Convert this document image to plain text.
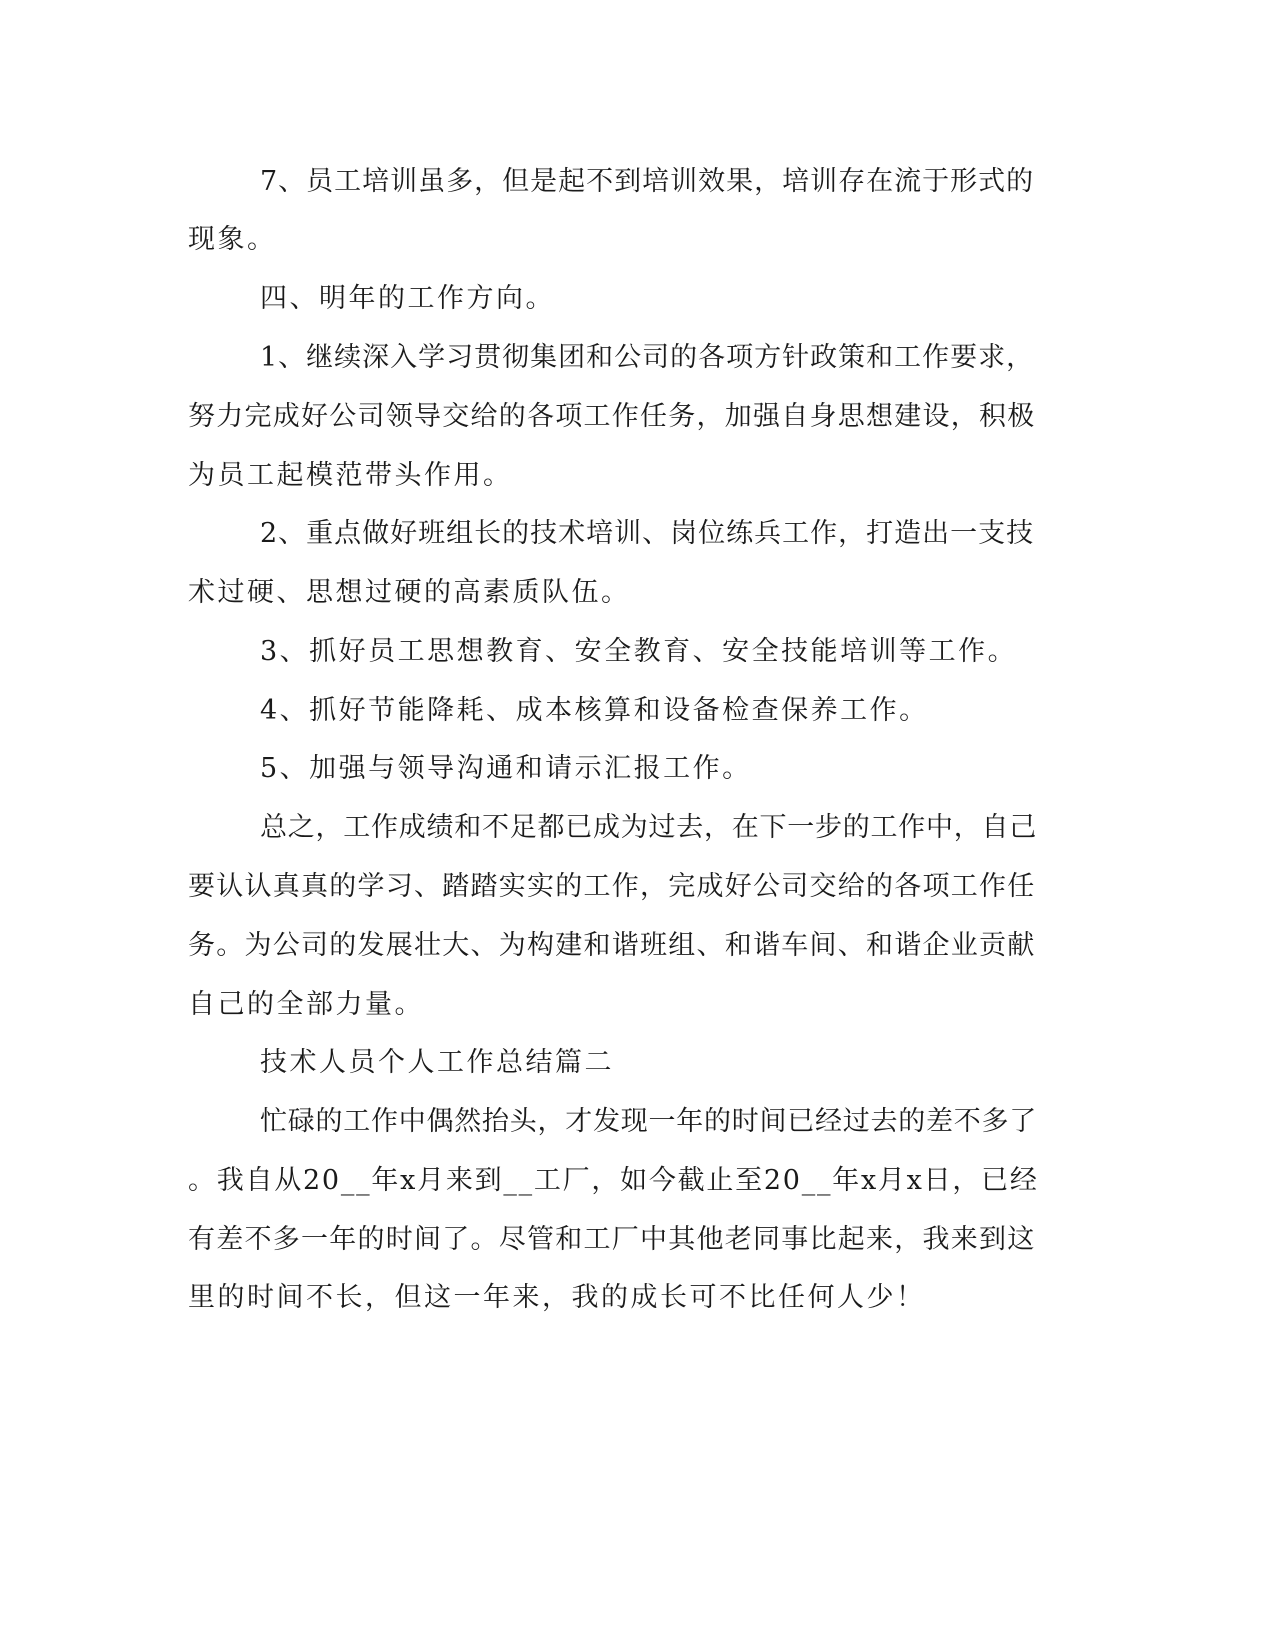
7、员工培训虽多，但是起不到培训效果，培训存在流于形式的
现象。
四、明年的工作方向。
1、继续深入学习贯彻集团和公司的各项方针政策和工作要求，
努力完成好公司领导交给的各项工作任务，加强自身思想建设，积极
为员工起模范带头作用。
2、重点做好班组长的技术培训、岗位练兵工作，打造出一支技
术过硬、思想过硬的高素质队伍。
3、抓好员工思想教育、安全教育、安全技能培训等工作。
4、抓好节能降耗、成本核算和设备检查保养工作。
5、加强与领导沟通和请示汇报工作。
总之，工作成绩和不足都已成为过去，在下一步的工作中，自己
要认认真真的学习、踏踏实实的工作，完成好公司交给的各项工作任
务。为公司的发展壮大、为构建和谐班组、和谐车间、和谐企业贡献
自己的全部力量。
技术人员个人工作总结篇二
忙碌的工作中偶然抬头，才发现一年的时间已经过去的差不多了
。我自从20__年x月来到__工厂，如今截止至20__年x月x日，已经
有差不多一年的时间了。尽管和工厂中其他老同事比起来，我来到这
里的时间不长，但这一年来，我的成长可不比任何人少！
